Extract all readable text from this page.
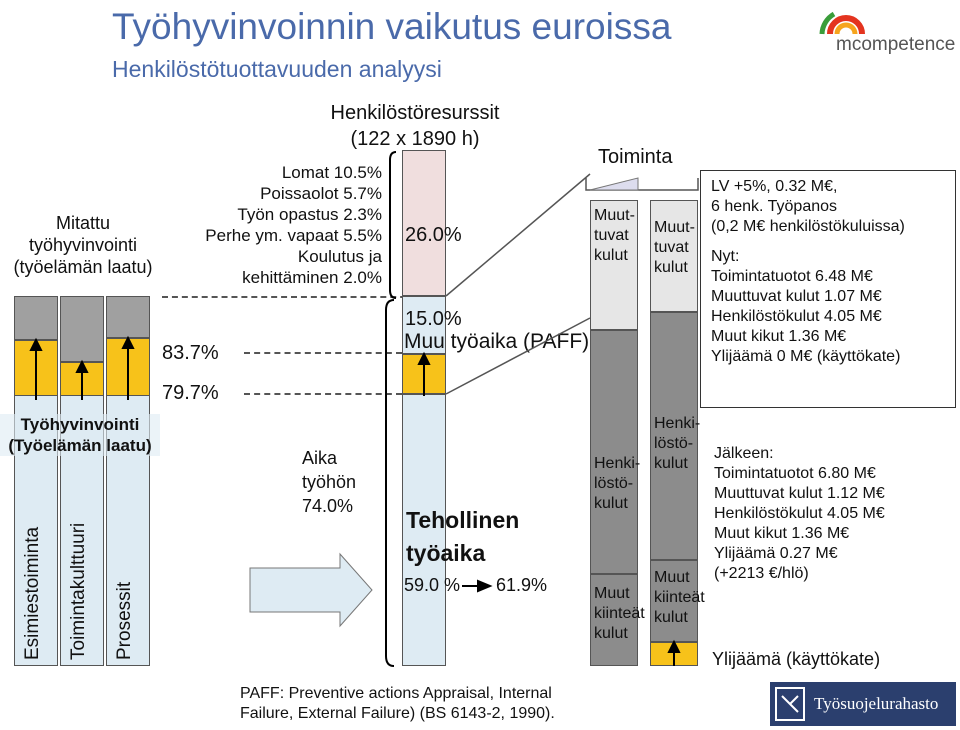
Työhyvinvoinnin vaikutus euroissa
Henkilöstötuottavuuden analyysi
mcompetence
Mitattu
työhyvinvointi
(työelämän laatu)
Työhyvinvointi
(Työelämän laatu)
Esimiestoiminta Toimintakulttuuri Prosessit
83.7%
79.7%
Henkilöstöresurssit
(122 x 1890 h)
Lomat 10.5%
Poissaolot 5.7%
Työn opastus 2.3%
Perhe ym. vapaat 5.5%
Koulutus ja
kehittäminen 2.0%
26.0%
15.0%
Muu työaika (PAFF)
Aika
työhön
74.0%
Tehollinen
työaika
59.0 % 61.9%
Toiminta
Muut-
tuvat
kulut
Muut-
tuvat
kulut
Henki-
löstö-
kulut
Henki-
löstö-
kulut
Muut
kiinteät
kulut
Muut
kiinteät
kulut
LV +5%, 0.32 M€,
6 henk. Työpanos
(0,2 M€ henkilöstökuluissa)
Nyt:
Toimintatuotot 6.48 M€
Muuttuvat kulut 1.07 M€
Henkilöstökulut 4.05 M€
Muut kikut 1.36 M€
Ylijäämä 0 M€ (käyttökate)
Jälkeen:
Toimintatuotot 6.80 M€
Muuttuvat kulut 1.12 M€
Henkilöstökulut 4.05 M€
Muut kikut 1.36 M€
Ylijäämä 0.27 M€
(+2213 €/hlö)
Ylijäämä (käyttökate)
PAFF: Preventive actions Appraisal, Internal
Failure, External Failure) (BS 6143-2, 1990).
Työsuojelurahasto
